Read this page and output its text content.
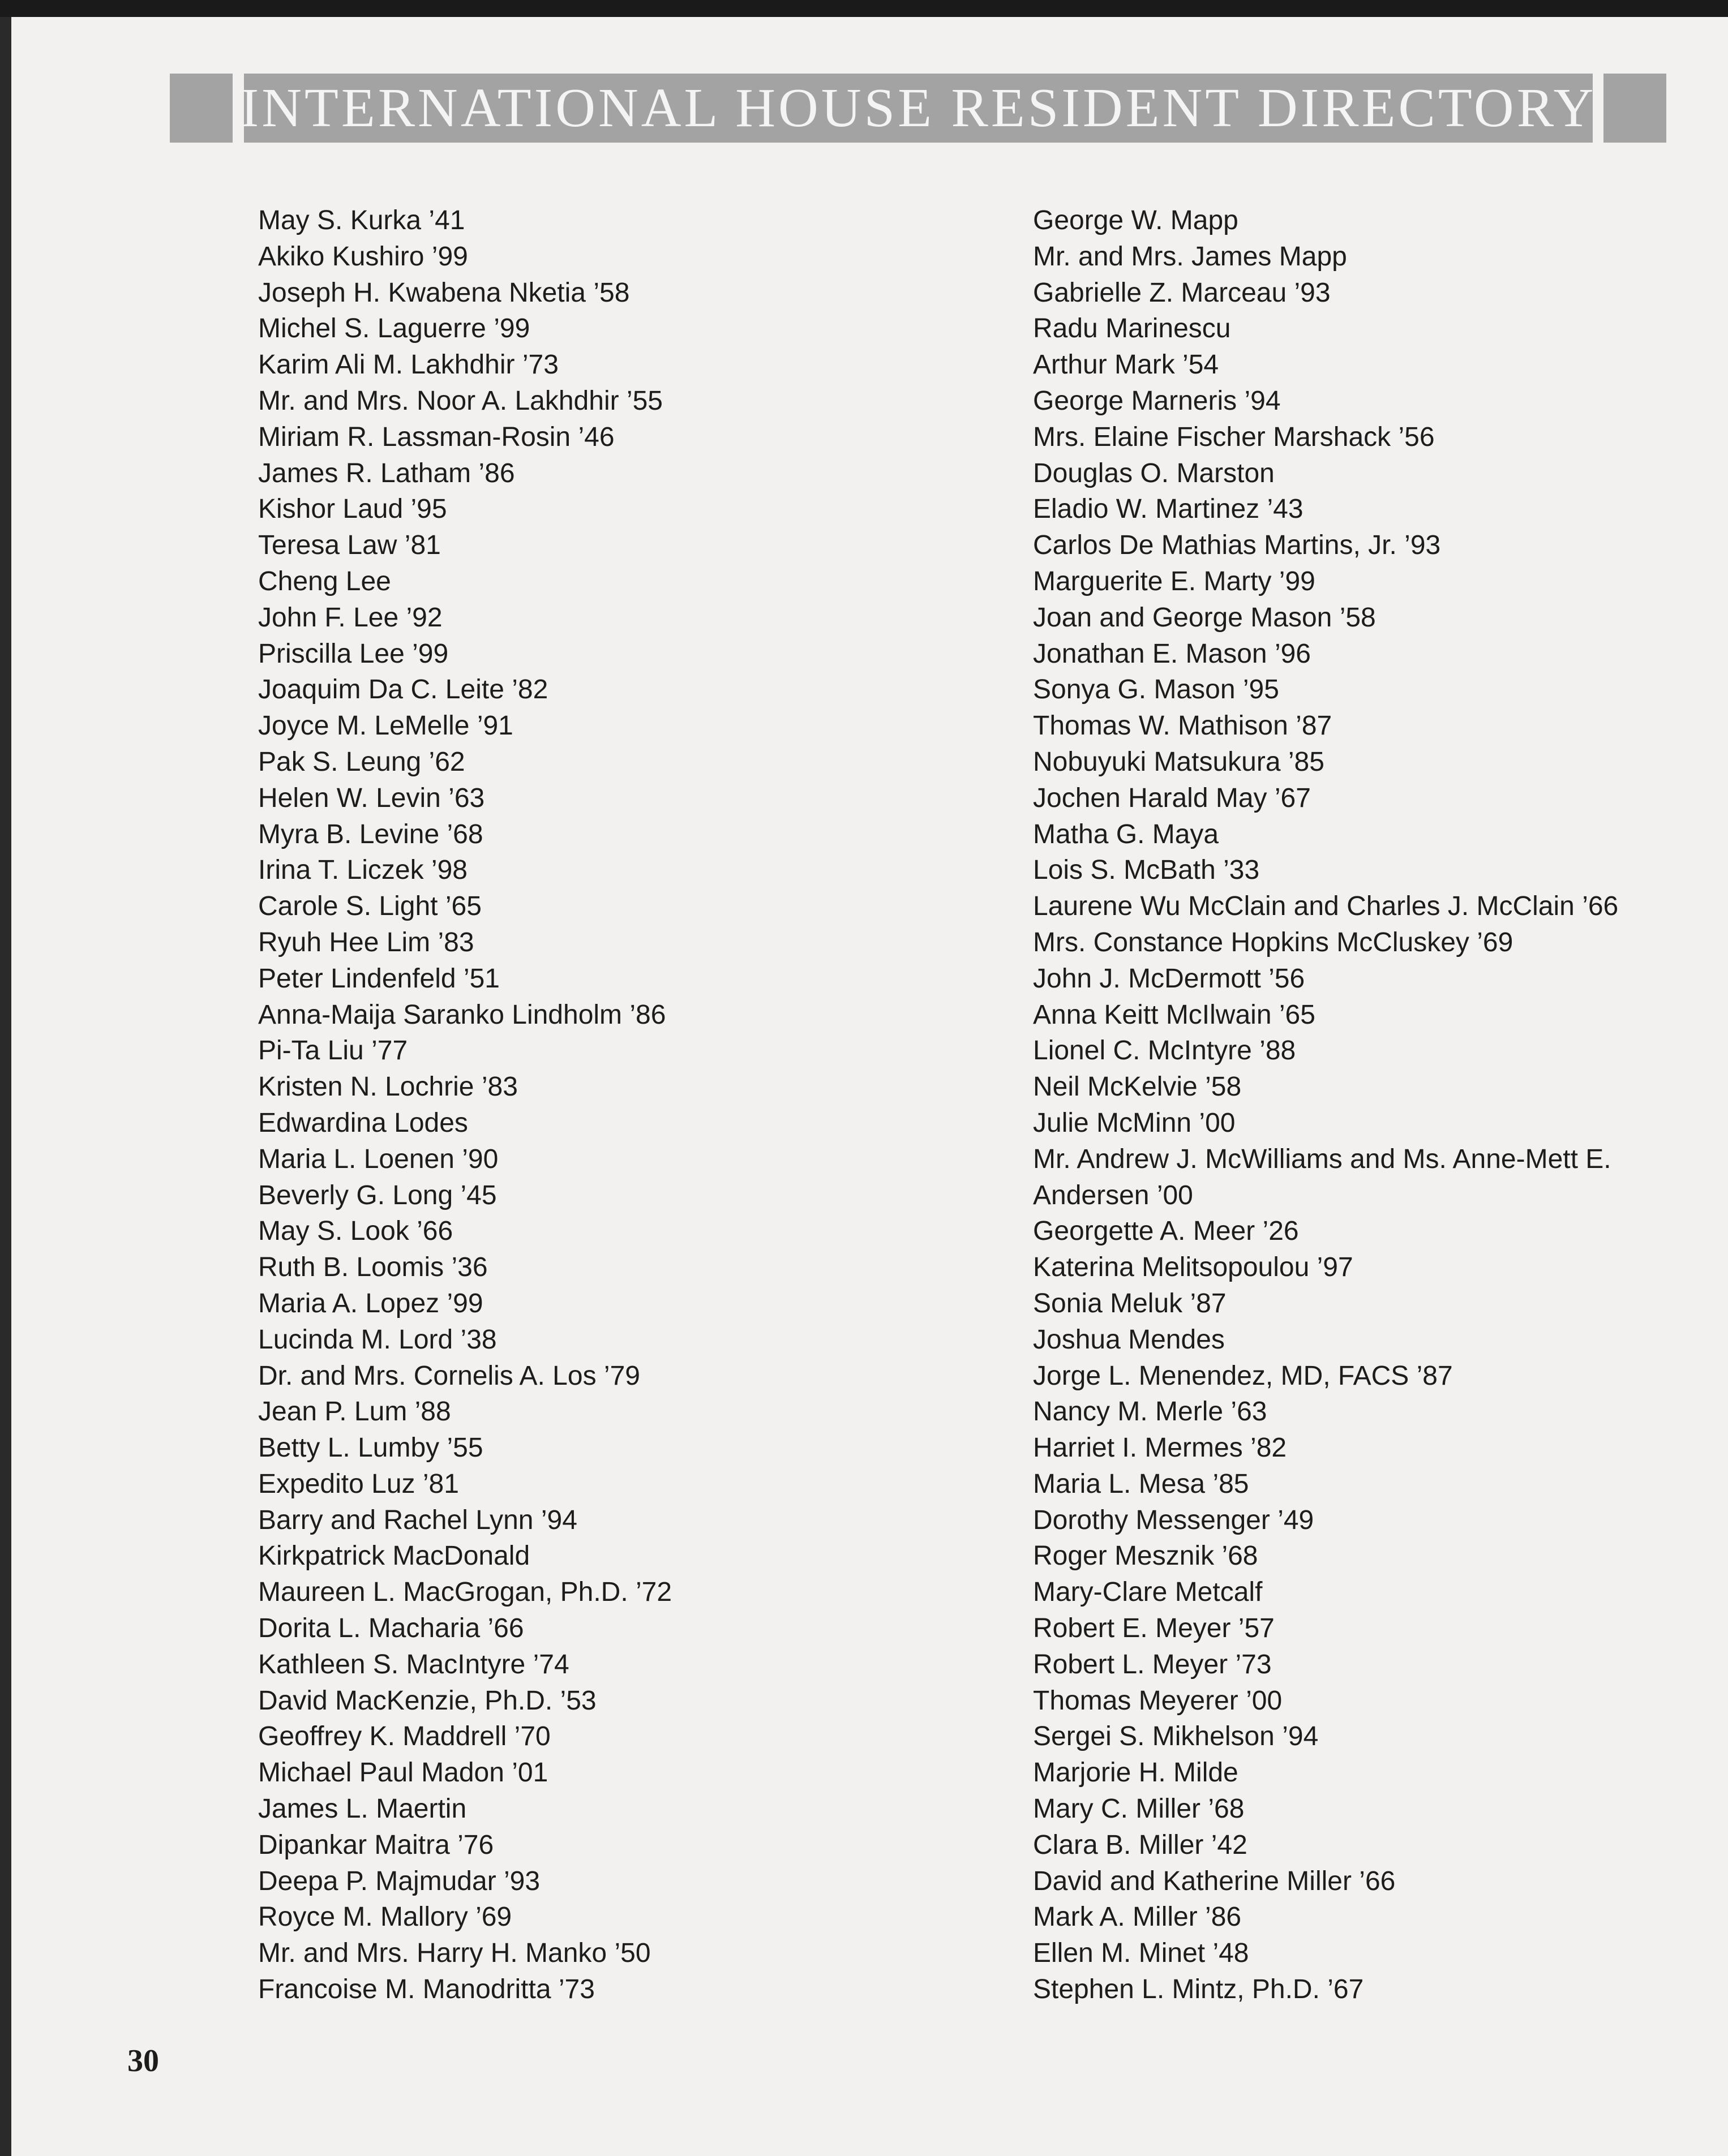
INTERNATIONAL HOUSE RESIDENT DIRECTORY
May S. Kurka ’41
Akiko Kushiro ’99
Joseph H. Kwabena Nketia ’58
Michel S. Laguerre ’99
Karim Ali M. Lakhdhir ’73
Mr. and Mrs. Noor A. Lakhdhir ’55
Miriam R. Lassman-Rosin ’46
James R. Latham ’86
Kishor Laud ’95
Teresa Law ’81
Cheng Lee
John F. Lee ’92
Priscilla Lee ’99
Joaquim Da C. Leite ’82
Joyce M. LeMelle ’91
Pak S. Leung ’62
Helen W. Levin ’63
Myra B. Levine ’68
Irina T. Liczek ’98
Carole S. Light ’65
Ryuh Hee Lim ’83
Peter Lindenfeld ’51
Anna-Maija Saranko Lindholm ’86
Pi-Ta Liu ’77
Kristen N. Lochrie ’83
Edwardina Lodes
Maria L. Loenen ’90
Beverly G. Long ’45
May S. Look ’66
Ruth B. Loomis ’36
Maria A. Lopez ’99
Lucinda M. Lord ’38
Dr. and Mrs. Cornelis A. Los ’79
Jean P. Lum ’88
Betty L. Lumby ’55
Expedito Luz ’81
Barry and Rachel Lynn ’94
Kirkpatrick MacDonald
Maureen L. MacGrogan, Ph.D. ’72
Dorita L. Macharia ’66
Kathleen S. MacIntyre ’74
David MacKenzie, Ph.D. ’53
Geoffrey K. Maddrell ’70
Michael Paul Madon ’01
James L. Maertin
Dipankar Maitra ’76
Deepa P. Majmudar ’93
Royce M. Mallory ’69
Mr. and Mrs. Harry H. Manko ’50
Francoise M. Manodritta ’73
George W. Mapp
Mr. and Mrs. James Mapp
Gabrielle Z. Marceau ’93
Radu Marinescu
Arthur Mark ’54
George Marneris ’94
Mrs. Elaine Fischer Marshack ’56
Douglas O. Marston
Eladio W. Martinez ’43
Carlos De Mathias Martins, Jr. ’93
Marguerite E. Marty ’99
Joan and George Mason ’58
Jonathan E. Mason ’96
Sonya G. Mason ’95
Thomas W. Mathison ’87
Nobuyuki Matsukura ’85
Jochen Harald May ’67
Matha G. Maya
Lois S. McBath ’33
Laurene Wu McClain and Charles J. McClain ’66
Mrs. Constance Hopkins McCluskey ’69
John J. McDermott ’56
Anna Keitt McIlwain ’65
Lionel C. McIntyre ’88
Neil McKelvie ’58
Julie McMinn ’00
Mr. Andrew J. McWilliams and Ms. Anne-Mett E.
Andersen ’00
Georgette A. Meer ’26
Katerina Melitsopoulou ’97
Sonia Meluk ’87
Joshua Mendes
Jorge L. Menendez, MD, FACS ’87
Nancy M. Merle ’63
Harriet I. Mermes ’82
Maria L. Mesa ’85
Dorothy Messenger ’49
Roger Mesznik ’68
Mary-Clare Metcalf
Robert E. Meyer ’57
Robert L. Meyer ’73
Thomas Meyerer ’00
Sergei S. Mikhelson ’94
Marjorie H. Milde
Mary C. Miller ’68
Clara B. Miller ’42
David and Katherine Miller ’66
Mark A. Miller ’86
Ellen M. Minet ’48
Stephen L. Mintz, Ph.D. ’67
30
